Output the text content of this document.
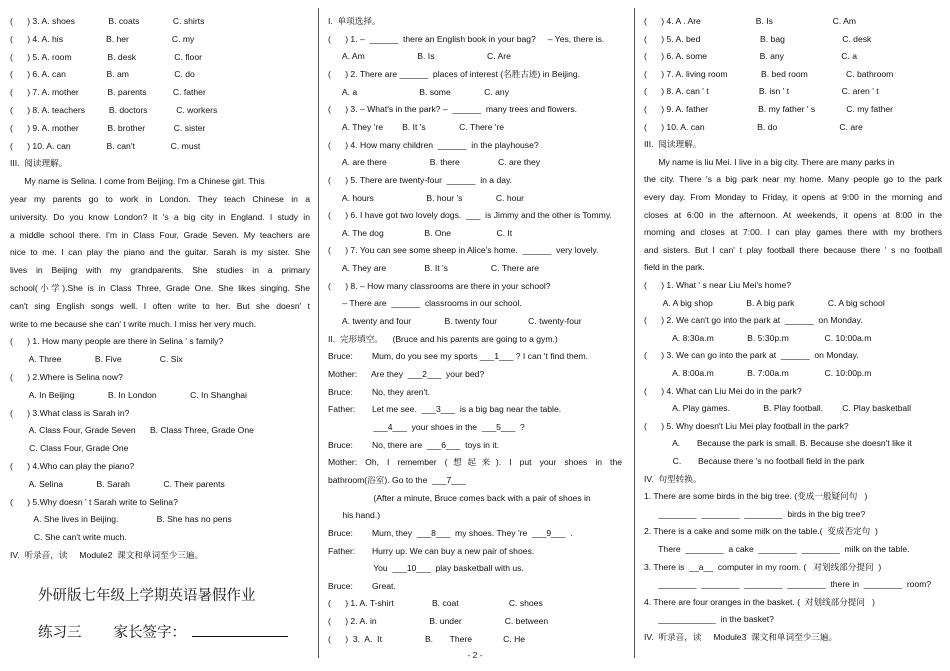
(      ) 3. A. shoes              B. coats              C. shirts
(      ) 4. A. his                  B. her                  C. my
(      ) 5. A. room               B. desk                C. floor
(      ) 6. A. can                 B. am                   C. do
(      ) 7. A. mother            B. parents           C. father
(      ) 8. A. teachers          B. doctors            C. workers
(      ) 9. A. mother            B. brother            C. sister
(      ) 10. A. can               B. can't               C. must
III.  阅读理解。
My name is Selina. I come from Beijing. I'm a Chinese girl. This
year my parents go to work in London. They teach Chinese in a
university. Do you know London? It 's a big city in England. I study in
a middle school there. I'm in Class Four, Grade Seven. My teachers are
nice to me. I can play the piano and the guitar. Sarah is my sister. She
lives in Beijing with my grandparents. She studies in a primary
school(小学).She is in Class Three, Grade One. She likes singing. She
can't sing English songs well. I often write to her. But she doesn' t
write to me because she can' t write much. I miss her very much.
(      ) 1. How many people are there in Selina ' s family?
A. Three              B. Five                C. Six
(      ) 2.Where is Selina now?
A. In Beijing              B. In London              C. In Shanghai
(      ) 3.What class is Sarah in?
A. Class Four, Grade Seven      B. Class Three, Grade One
C. Class Four, Grade One
(      ) 4.Who can play the piano?
A. Selina              B. Sarah              C. Their parents
(      ) 5.Why doesn ' t Sarah write to Selina?
A. She lives in Beijing.                B. She has no pens
C. She can't write much.
IV.  听录音，读     Module2  课文和单词至少三遍。
外研版七年级上学期英语暑假作业
练习三 家长签字：
I.  单项选择。
(      ) 1. –  ______  there an English book in your bag?     – Yes, there is.
A. Am                      B. Is                      C. Are
(      ) 2. There are ______  places of interest (名胜古迹) in Beijing.
A. a                          B. some              C. any
(      ) 3. – What's in the park? –  ______  many trees and flowers.
A. They 're        B. It 's              C. There 're
(      ) 4. How many children  ______  in the playhouse?
A. are there                  B. there                C. are they
(      ) 5. There are twenty-four  ______  in a day.
A. hours                      B. hour 's              C. hour
(      ) 6. I have got two lovely dogs.  ___  is Jimmy and the other is Tommy.
A. The dog                 B. One                   C. It
(      ) 7. You can see some sheep in Alice's home.  ______  very lovely.
A. They are                B. It 's                  C. There are
(      ) 8. – How many classrooms are there in your school?
– There are  ______  classrooms in our school.
A. twenty and four              B. twenty four             C. twenty-four
II.  完形填空。    (Bruce and his parents are going to a gym.)
Bruce:        Mum, do you see my sports ___1___ ? I can 't find them.
Mother:      Are they  ___2___  your bed?
Bruce:        No, they aren't.
Father:       Let me see.  ___3___  is a big bag near the table.
___4___  your shoes in the  ___5___  ?
Bruce:        No, there are  ___6___  toys in it.
Mother: Oh, I remember (想起来). I put your shoes in the
bathroom(浴室). Go to the  ___7___
(After a minute, Bruce comes back with a pair of shoes in
his hand.)
Bruce:        Mum, they  ___8___  my shoes. They 're  ___9___  .
Father:       Hurry up. We can buy a new pair of shoes.
You  ___10___  play basketball with us.
Bruce:        Great.
(      ) 1. A. T-shirt                B. coat                     C. shoes
(      ) 2. A. in                      B. under                  C. between
(      )  3.  A.  It                  B.       There             C. He
(      ) 4. A . Are                       B. Is                         C. Am
(      ) 5. A. bed                         B. bag                        C. desk
(      ) 6. A. some                      B. any                        C. a
(      ) 7. A. living room              B. bed room                C. bathroom
(      ) 8. A. can ' t                     B. isn ' t                      C. aren ' t
(      ) 9. A. father                     B. my father ' s             C. my father
(      ) 10. A. can                      B. do                          C. are
III.  阅读理解。
My name is liu Mei. I live in a big city. There are many parks in
the city. There 's a big park near my home. Many people go to the park
every day. From Monday to Friday, it opens at 9:00 in the morning and
closes at 6:00 in the afternoon. At weekends, it opens at 8:00 in the
morning and closes at 7:00. I can play games there with my brothers
and sisters. But I can' t play football there because there ' s no football
field in the park.
(      ) 1. What ' s near Liu Mei's home?
A. A big shop              B. A big park              C. A big school
(      ) 2. We can't go into the park at  ______  on Monday.
A. 8:30a.m              B. 5:30p.m               C. 10:00a.m
(      ) 3. We can go into the park at  ______  on Monday.
A. 8:00a.m              B. 7:00a.m               C. 10:00p.m
(      ) 4. What can Liu Mei do in the park?
A. Play games.              B. Play football.        C. Play basketball
(      ) 5. Why doesn't Liu Mei play football in the park?
A.       Because the park is small. B. Because she doesn't like it
C.       Because there 's no football field in the park
IV.  句型转换。
1. There are some birds in the big tree. (变成一般疑问句   )
________  ________  ________  birds in the big tree?
2. There is a cake and some milk on the table.(  变成否定句  )
There  ________  a cake  ________  ________  milk on the table.
3. There is  __a__  computer in my room. (   对划线部分提问  )
________  ________  ________  ________  there in  ________  room?
4. There are four oranges in the basket. (  对划线部分提问   )
____________  in the basket?
IV.  听录音，读     Module3  课文和单词至少三遍。
- 2 -
